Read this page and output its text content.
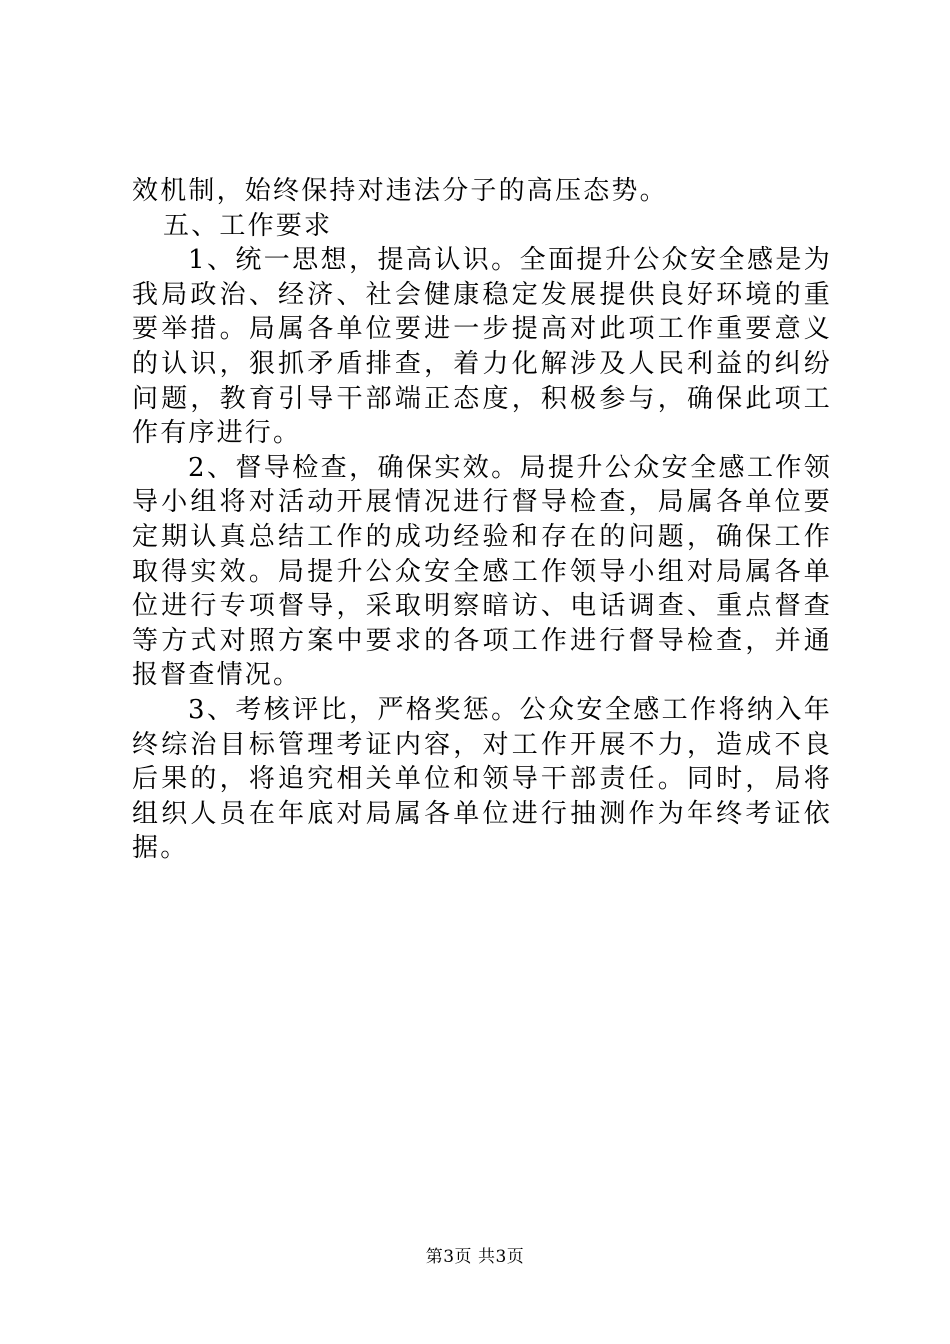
效机制，始终保持对违法分子的高压态势。

五、工作要求

1、统一思想，提高认识。全面提升公众安全感是为我局政治、经济、社会健康稳定发展提供良好环境的重要举措。局属各单位要进一步提高对此项工作重要意义的认识，狠抓矛盾排查，着力化解涉及人民利益的纠纷问题，教育引导干部端正态度，积极参与，确保此项工作有序进行。

2、督导检查，确保实效。局提升公众安全感工作领导小组将对活动开展情况进行督导检查，局属各单位要定期认真总结工作的成功经验和存在的问题，确保工作取得实效。局提升公众安全感工作领导小组对局属各单位进行专项督导，采取明察暗访、电话调查、重点督查等方式对照方案中要求的各项工作进行督导检查，并通报督查情况。

3、考核评比，严格奖惩。公众安全感工作将纳入年终综治目标管理考证内容，对工作开展不力，造成不良后果的，将追究相关单位和领导干部责任。同时，局将组织人员在年底对局属各单位进行抽测作为年终考证依据。

第3页 共3页
